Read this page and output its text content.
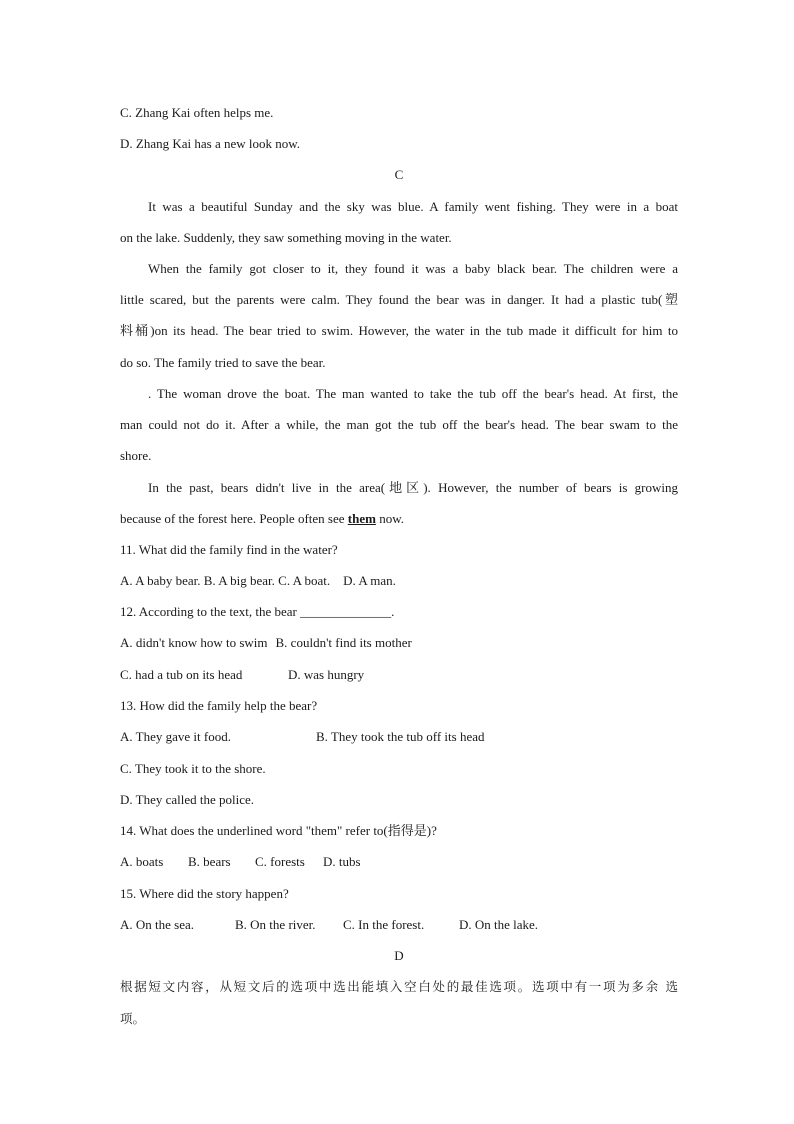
C. Zhang Kai often helps me.
D. Zhang Kai has a new look now.
C
It was a beautiful Sunday and the sky was blue. A family went fishing. They were in a boat
on the lake. Suddenly, they saw something moving in the water.
When the family got closer to it, they found it was a baby black bear. The children were a
little scared, but the parents were calm. They found the bear was in danger. It had a plastic tub(塑
料桶)on its head. The bear tried to swim. However, the water in the tub made it difficult for him to
do so. The family tried to save the bear.
. The woman drove the boat. The man wanted to take the tub off the bear's head. At first, the
man could not do it. After a while, the man got the tub off the bear's head. The bear swam to the
shore.
In the past, bears didn't live in the area(地区). However, the number of bears is growing
because of the forest here. People often see them now.
11. What did the family find in the water?
A. A baby bear. B. A big bear. C. A boat.    D. A man.
12. According to the text, the bear ______________.
A. didn't know how to swim B. couldn't find its mother
C. had a tub on its head	D. was hungry
13. How did the family help the bear?
A. They gave it food.	B. They took the tub off its head
C. They took it to the shore.
D. They called the police.
14. What does the underlined word "them" refer to(指得是)?
A. boats B. bears C. forests D. tubs
15. Where did the story happen?
A. On the sea.	B. On the river. C. In the forest.	D. On the lake.
D
根据短文内容，从短文后的选项中选出能填入空白处的最佳选项。选项中有一项为多余 选
项。
